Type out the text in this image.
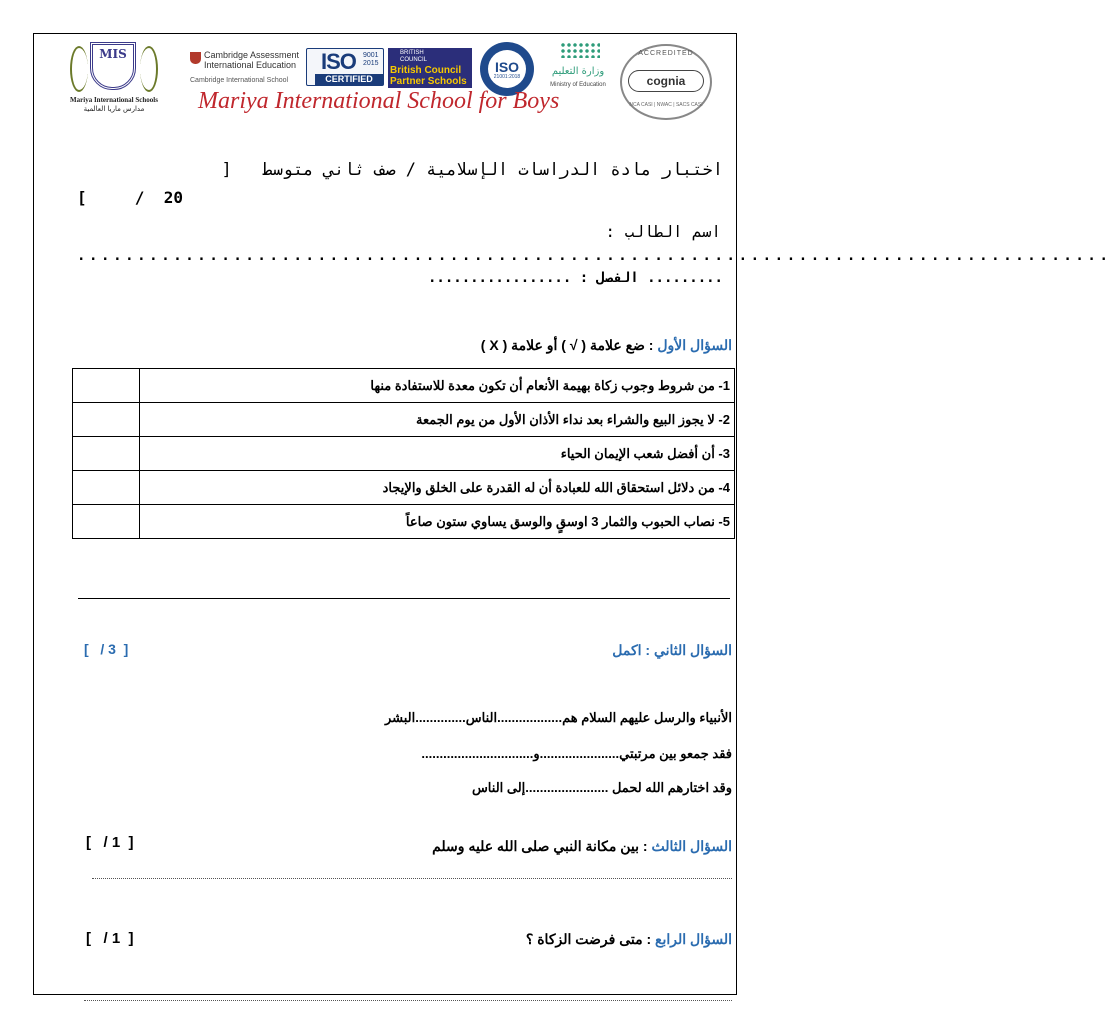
MIS
Mariya International Schools
مدارس ماريا العالمية
Cambridge Assessment
International Education
Cambridge International School
ISO 9001
2015
CERTIFIED
BRITISH
COUNCIL
British Council
Partner Schools
ISO
21001:2018	وزارة التعليم
Ministry of Education
ACCREDITED
cognia
NCA CASI | NWAC | SACS CASI
Mariya International School for Boys
اختبار مادة الدراسات الإسلامية / صف ثاني متوسط   [
[     /  20
اسم الطالب :
......................................................................................
......... الفصل : .................
السؤال الأول : ضع علامة ( √ ) أو علامة ( X )
	1- من شروط وجوب زكاة بهيمة الأنعام أن تكون معدة للاستفادة منها
	2- لا يجوز البيع والشراء بعد نداء الأذان الأول من يوم الجمعة
	3- أن أفضل شعب الإيمان الحياء
	4- من دلائل استحقاق الله للعبادة أن له القدرة على الخلق والإيجاد
	5- نصاب الحبوب والثمار 3 اوسقٍ والوسق يساوي ستون صاعاً
السؤال الثاني : اكمل
[   / 3  ]
الأنبياء والرسل عليهم السلام هم..................الناس..............البشر
فقد جمعو بين مرتبتي......................و...............................
وقد اختارهم الله لحمل .......................إلى الناس
السؤال الثالث : بين مكانة النبي صلى الله عليه وسلم
[   / 1  ]
السؤال الرابع : متى فرضت الزكاة ؟
[   / 1  ]
